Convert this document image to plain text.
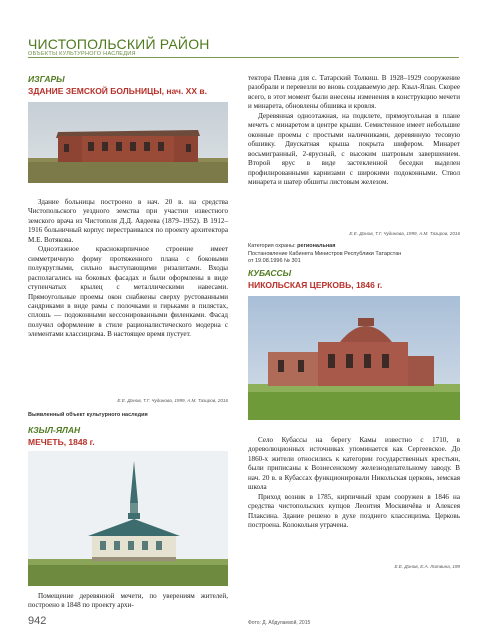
ЧИСТОПОЛЬСКИЙ РАЙОН
ОБЪЕКТЫ КУЛЬТУРНОГО НАСЛЕДИЯ
ИЗГАРЫ
ЗДАНИЕ ЗЕМСКОЙ БОЛЬНИЦЫ, нач. XX в.

Здание больницы построено в нач. 20 в. на средства Чистопольского уездного земства при участии известного земского врача из Чистополя Д.Д. Авдеева (1879–1952). В 1912–1916 больничный корпус перестраивался по проекту архитектора М.Е. Вотякова.

Одноэтажное краснокирпичное строение имеет симметричную форму протяженного плана с боковыми полукруглыми, сильно выступающими ризалитами. Входы располагались на боковых фасадах и были оформлены в виде ступенчатых крылец с металлическими навесами. Прямоугольные проемы окон снабжены сверху рустованными сандриками в виде рамы с полочками и гирьками в пилястах, сплошь — подоконными кессонированными филенками. Фасад получил оформление в стиле рационалистического модерна с элементами классицизма. В настоящее время пустует.

Е.Е. Донов, Т.Г. Чудинова, 1999, А.М. Тазиров, 2016
Выявленный объект культурного наследия
КЗЫЛ-ЯЛАН
МЕЧЕТЬ, 1848 г.

Помещение деревянной мечети, по уверениям жителей, построено в 1848 по проекту архи-

тектора Плевна для с. Татарский Толкиш. В 1928–1929 сооружение разобрали и перевезли во вновь создаваемую дер. Кзыл-Ялан. Скорее всего, в этот момент были внесены изменения в конструкцию мечети и минарета, обновлены обшивка и кровля.

Деревянная одноэтажная, на подклете, прямоугольная в плане мечеть с минаретом в центре крыши. Семистенное имеет небольшие оконные проемы с простыми наличниками, деревянную тесовую обшивку. Двускатная крыша покрыта шифером. Минарет восьмигранный, 2-ярусный, с высоким шатровым завершением. Второй ярус в виде застекленной беседки выделен профилированными карнизами с широкими подоконными. Ствол минарета и шатер обшиты листовым железом.

Е.Е. Донов, Т.Г. Чудинова, 1999, А.М. Тазиров, 2016
Категория охраны: региональная
Постановление Кабинета Министров Республики Татарстан
от 19.08.1996 № 301
КУБАССЫ
НИКОЛЬСКАЯ ЦЕРКОВЬ, 1846 г.

Село Кубассы на берегу Камы известно с 1710, в дореволюционных источниках упоминается как Сергеевское. До 1860-х жители относились к категории государственных крестьян, были приписаны к Вознесенскому железноделательному заводу. В нач. 20 в. в Кубассах функционировали Никольская церковь, земская школа

Приход возник в 1785, кирпичный храм сооружен в 1846 на средства чистопольских купцов Леонтия Москвичёва и Алексея Плаксина. Здание решено в духе позднего классицизма. Церковь построена. Колокольня утрачена.

Е.Е. Донов, Е.А. Литвина, 199
942	Фото: Д. Абдулаевой, 2015
